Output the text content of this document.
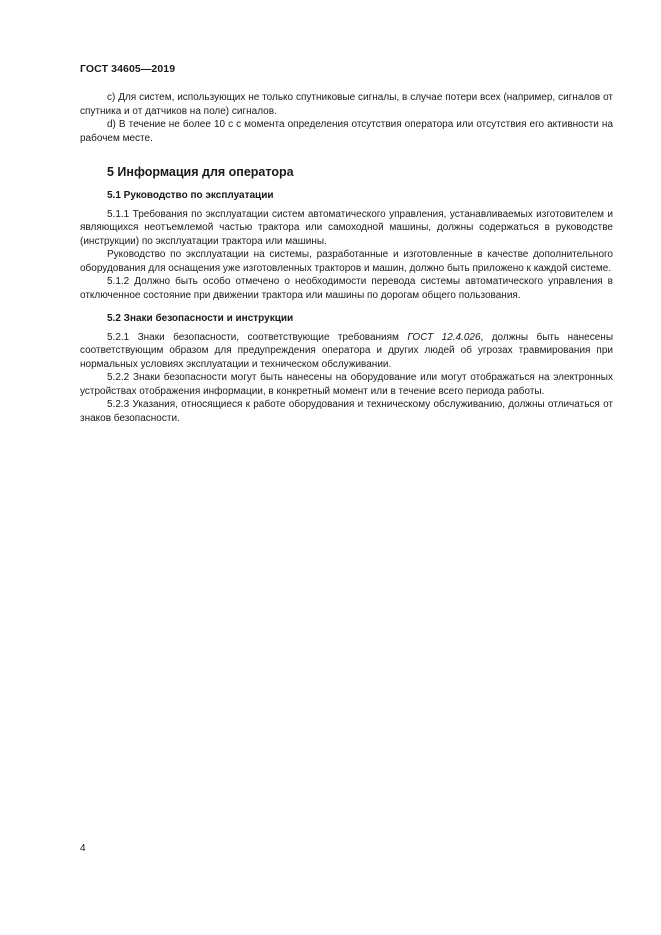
ГОСТ 34605—2019

c) Для систем, использующих не только спутниковые сигналы, в случае потери всех (например, сигналов от спутника и от датчиков на поле) сигналов.

d) В течение не более 10 с с момента определения отсутствия оператора или отсутствия его активности на рабочем месте.

5 Информация для оператора
5.1 Руководство по эксплуатации

5.1.1 Требования по эксплуатации систем автоматического управления, устанавливаемых изготовителем и являющихся неотъемлемой частью трактора или самоходной машины, должны содержаться в руководстве (инструкции) по эксплуатации трактора или машины.

Руководство по эксплуатации на системы, разработанные и изготовленные в качестве дополнительного оборудования для оснащения уже изготовленных тракторов и машин, должно быть приложено к каждой системе.

5.1.2 Должно быть особо отмечено о необходимости перевода системы автоматического управления в отключенное состояние при движении трактора или машины по дорогам общего пользования.

5.2 Знаки безопасности и инструкции

5.2.1 Знаки безопасности, соответствующие требованиям ГОСТ 12.4.026, должны быть нанесены соответствующим образом для предупреждения оператора и других людей об угрозах травмирования при нормальных условиях эксплуатации и техническом обслуживании.

5.2.2 Знаки безопасности могут быть нанесены на оборудование или могут отображаться на электронных устройствах отображения информации, в конкретный момент или в течение всего периода работы.

5.2.3 Указания, относящиеся к работе оборудования и техническому обслуживанию, должны отличаться от знаков безопасности.

4
